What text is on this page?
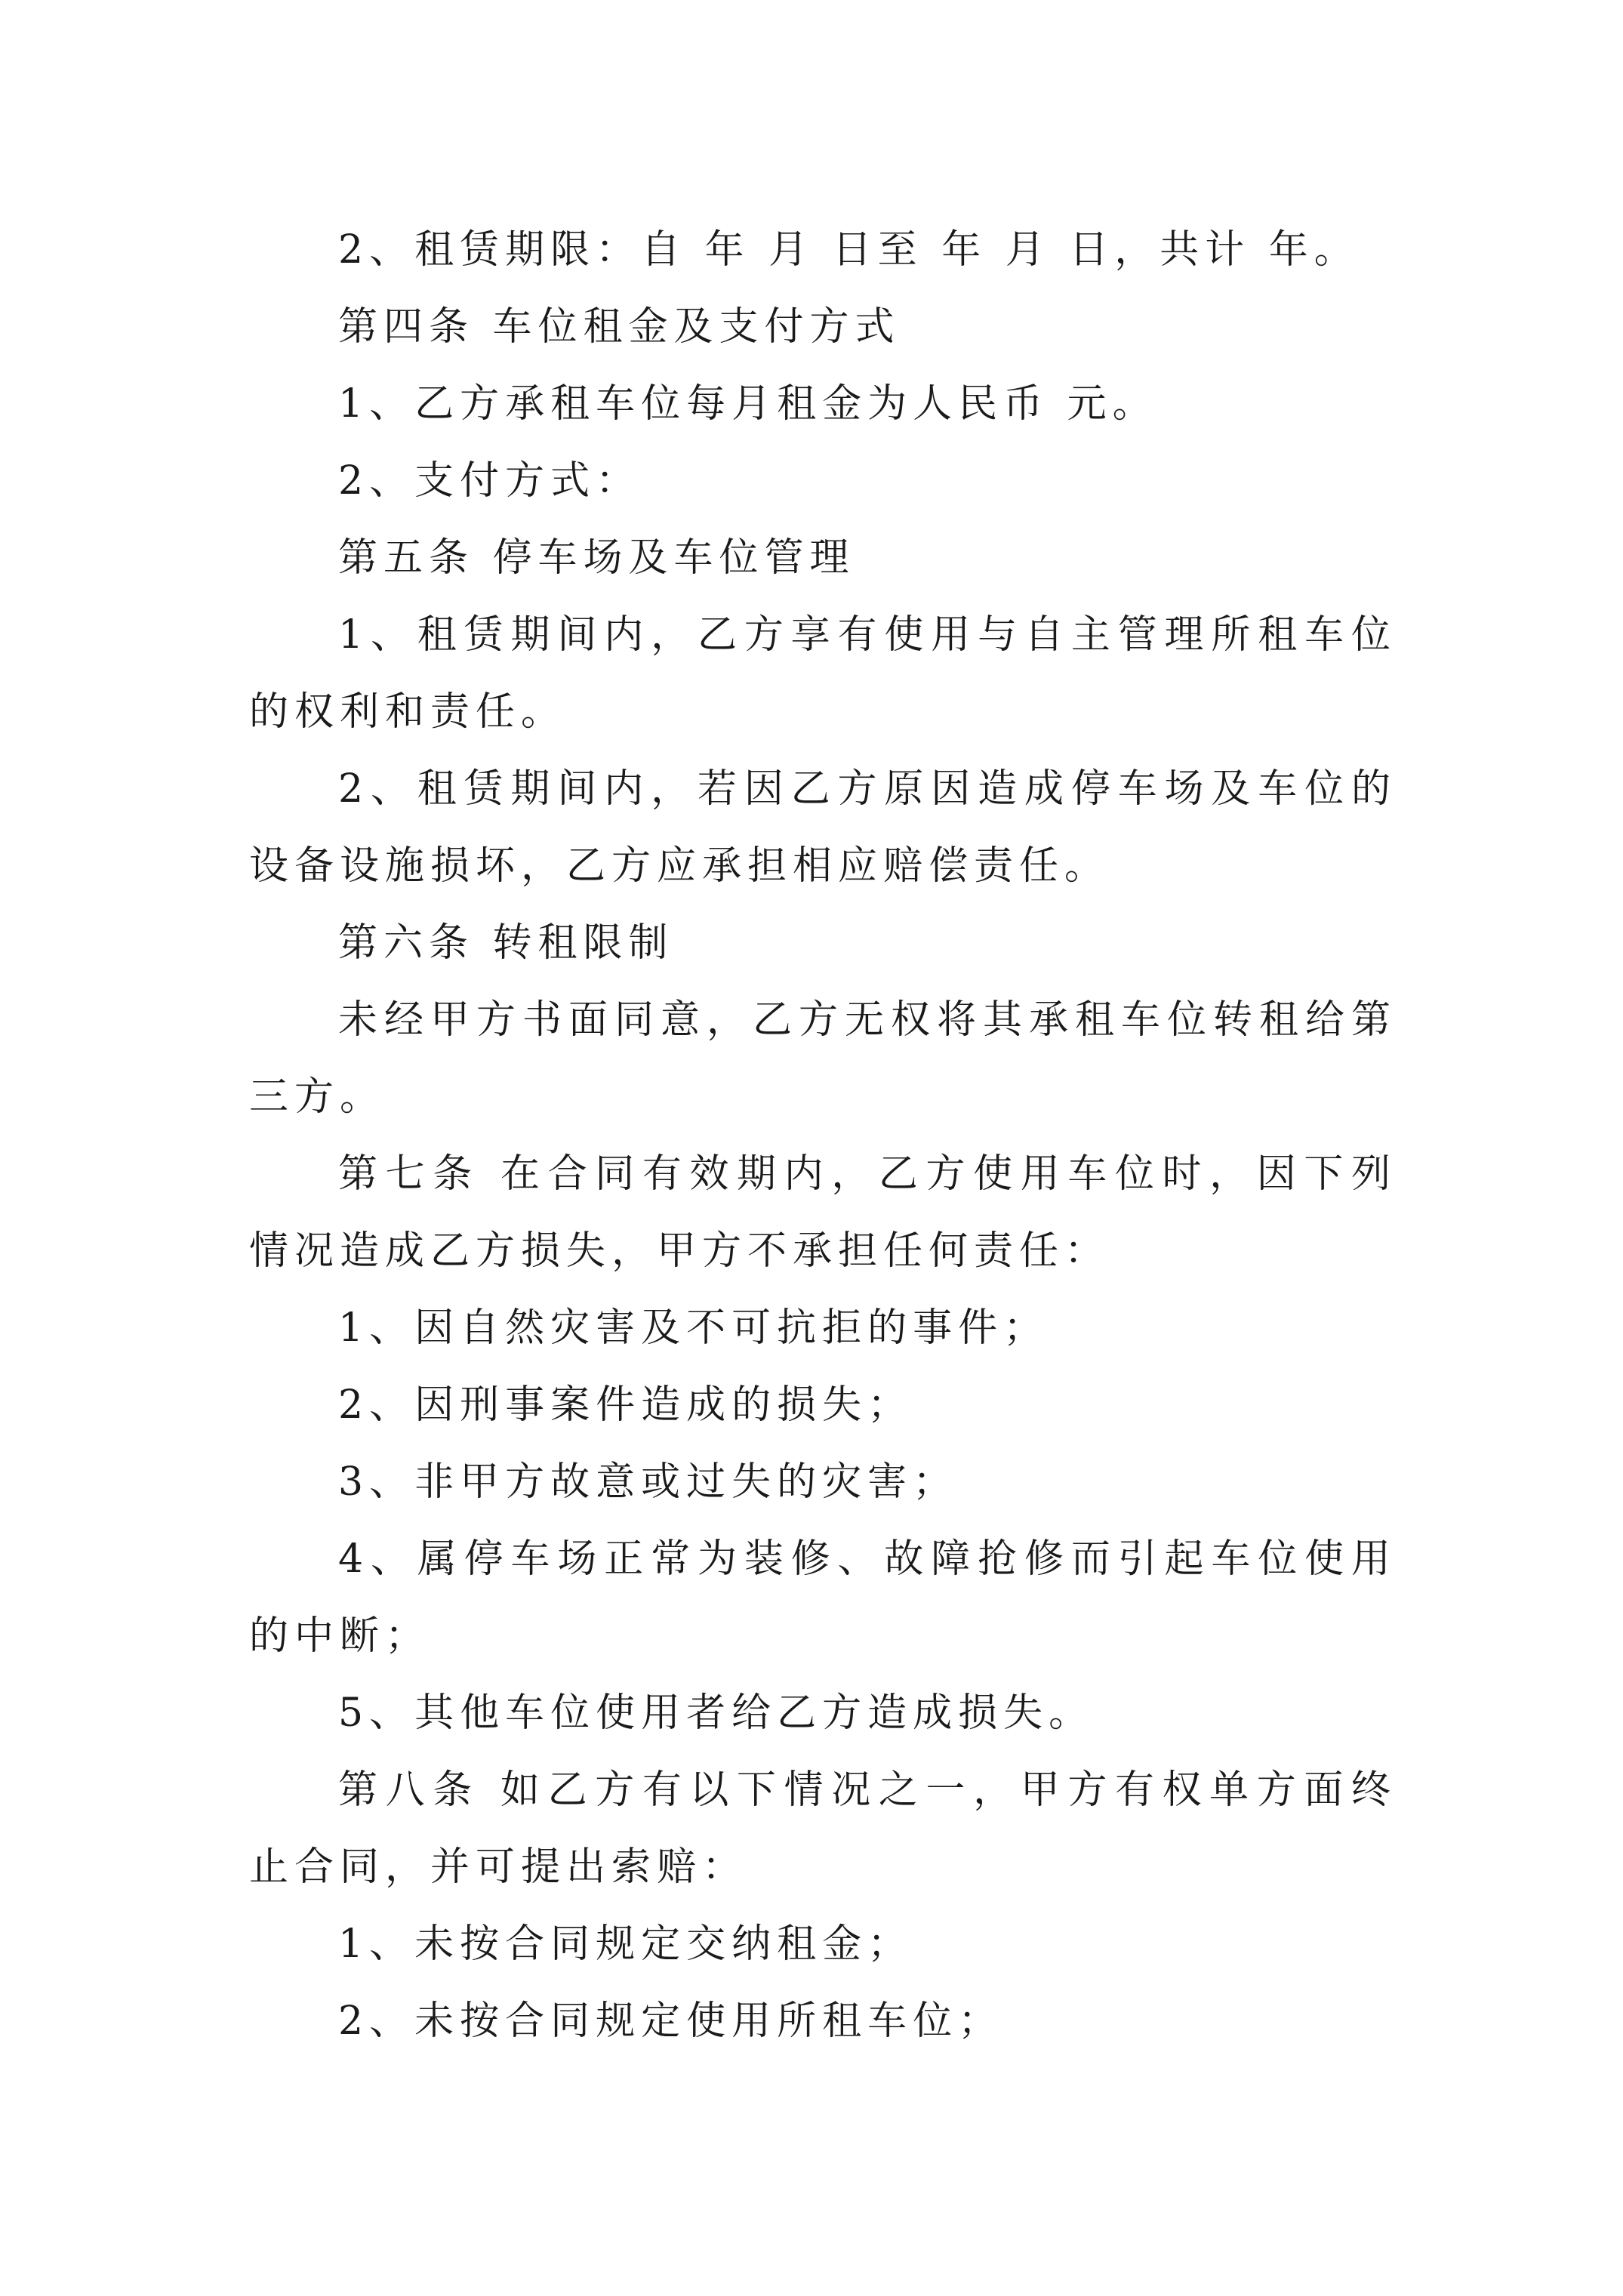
2、租赁期限：自 年 月 日至 年 月 日，共计 年。

第四条 车位租金及支付方式

1、乙方承租车位每月租金为人民币 元。

2、支付方式：

第五条 停车场及车位管理

1、租赁期间内，乙方享有使用与自主管理所租车位的权利和责任。

2、租赁期间内，若因乙方原因造成停车场及车位的设备设施损坏，乙方应承担相应赔偿责任。

第六条 转租限制

未经甲方书面同意，乙方无权将其承租车位转租给第三方。

第七条 在合同有效期内，乙方使用车位时，因下列情况造成乙方损失，甲方不承担任何责任：

1、因自然灾害及不可抗拒的事件；

2、因刑事案件造成的损失；

3、非甲方故意或过失的灾害；

4、属停车场正常为装修、故障抢修而引起车位使用的中断；

5、其他车位使用者给乙方造成损失。

第八条 如乙方有以下情况之一，甲方有权单方面终止合同，并可提出索赔：

1、未按合同规定交纳租金；

2、未按合同规定使用所租车位；
